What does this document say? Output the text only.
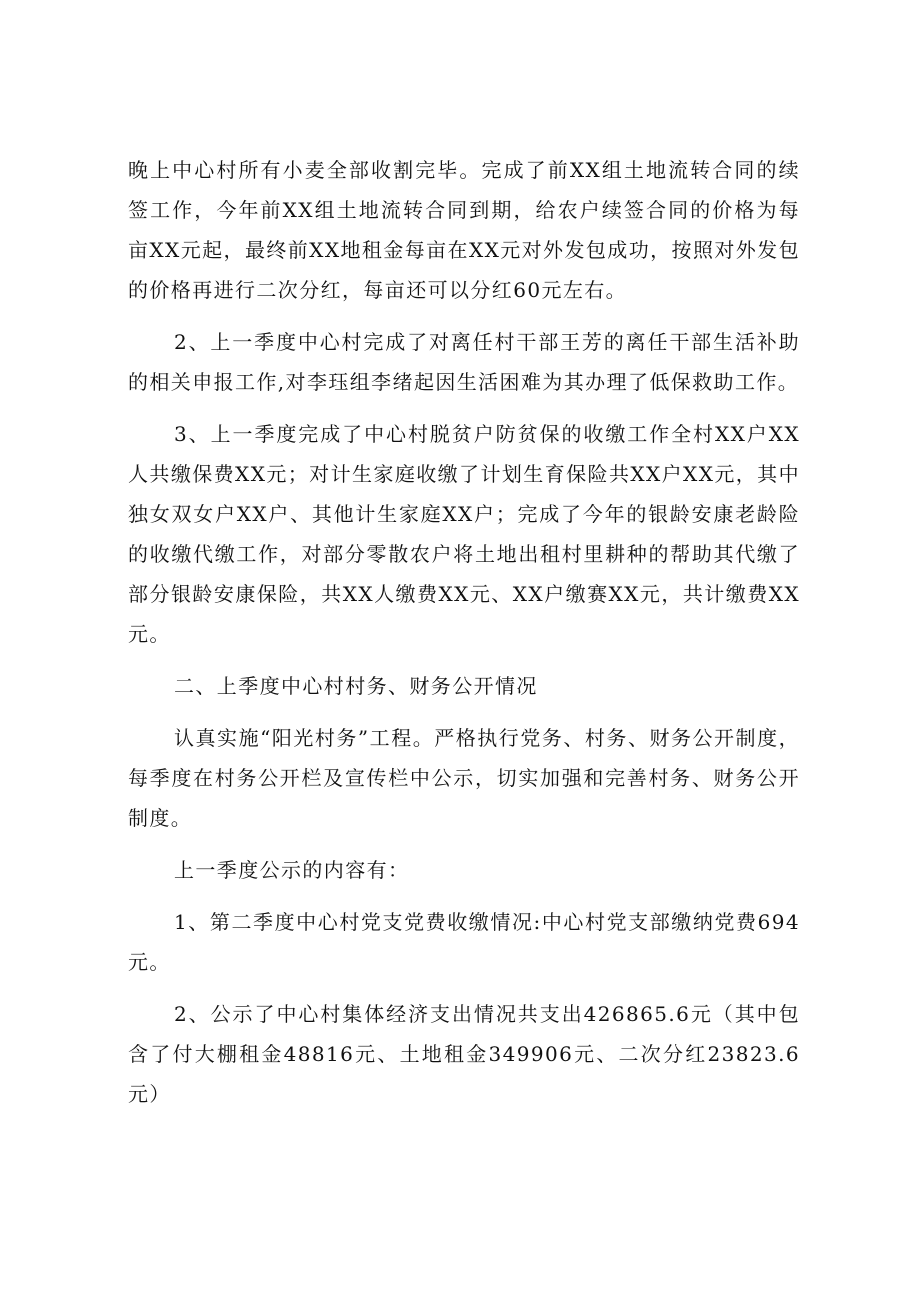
晚上中心村所有小麦全部收割完毕。完成了前XX组土地流转合同的续签工作，今年前XX组土地流转合同到期，给农户续签合同的价格为每亩XX元起，最终前XX地租金每亩在XX元对外发包成功，按照对外发包的价格再进行二次分红，每亩还可以分红60元左右。

2、上一季度中心村完成了对离任村干部王芳的离任干部生活补助的相关申报工作,对李珏组李绪起因生活困难为其办理了低保救助工作。

3、上一季度完成了中心村脱贫户防贫保的收缴工作全村XX户XX人共缴保费XX元；对计生家庭收缴了计划生育保险共XX户XX元，其中独女双女户XX户、其他计生家庭XX户；完成了今年的银龄安康老龄险的收缴代缴工作，对部分零散农户将土地出租村里耕种的帮助其代缴了部分银龄安康保险，共XX人缴费XX元、XX户缴赛XX元，共计缴费XX元。

二、上季度中心村村务、财务公开情况

认真实施“阳光村务”工程。严格执行党务、村务、财务公开制度，每季度在村务公开栏及宣传栏中公示，切实加强和完善村务、财务公开制度。

上一季度公示的内容有：

1、第二季度中心村党支党费收缴情况:中心村党支部缴纳党费694元。

2、公示了中心村集体经济支出情况共支出426865.6元（其中包含了付大棚租金48816元、土地租金349906元、二次分红23823.6元）
